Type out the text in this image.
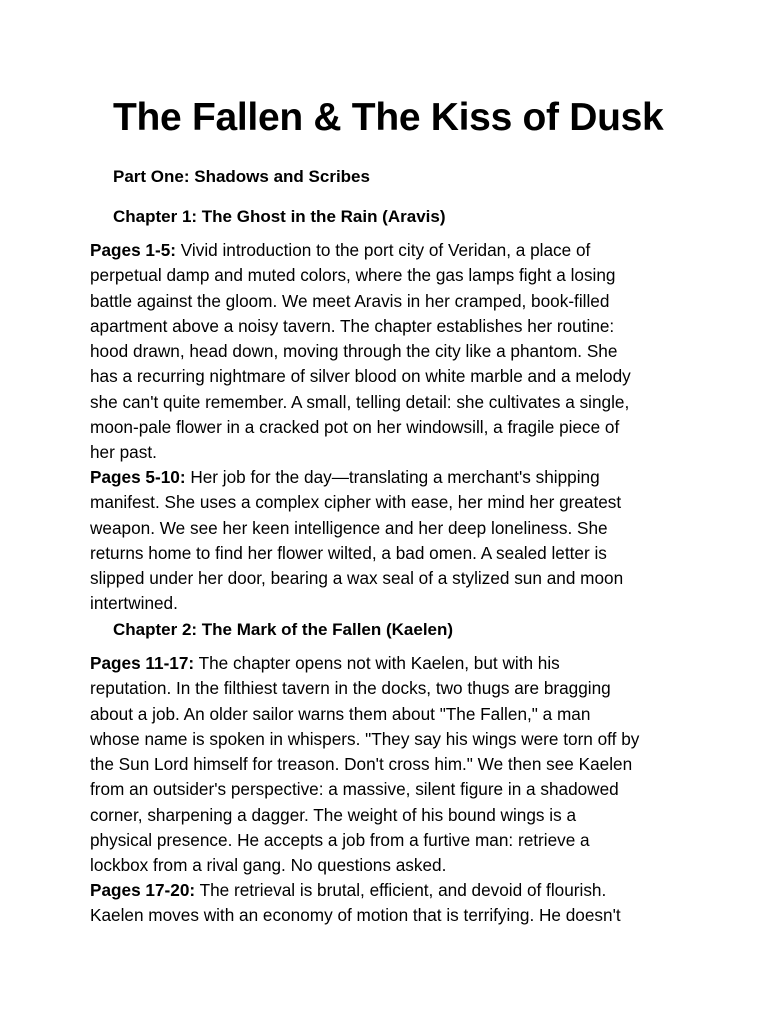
The Fallen & The Kiss of Dusk
Part One: Shadows and Scribes
Chapter 1: The Ghost in the Rain (Aravis)
Pages 1-5: Vivid introduction to the port city of Veridan, a place of
perpetual damp and muted colors, where the gas lamps fight a losing
battle against the gloom. We meet Aravis in her cramped, book-filled
apartment above a noisy tavern. The chapter establishes her routine:
hood drawn, head down, moving through the city like a phantom. She
has a recurring nightmare of silver blood on white marble and a melody
she can't quite remember. A small, telling detail: she cultivates a single,
moon-pale flower in a cracked pot on her windowsill, a fragile piece of
her past.
Pages 5-10: Her job for the day—translating a merchant's shipping
manifest. She uses a complex cipher with ease, her mind her greatest
weapon. We see her keen intelligence and her deep loneliness. She
returns home to find her flower wilted, a bad omen. A sealed letter is
slipped under her door, bearing a wax seal of a stylized sun and moon
intertwined.
Chapter 2: The Mark of the Fallen (Kaelen)
Pages 11-17: The chapter opens not with Kaelen, but with his
reputation. In the filthiest tavern in the docks, two thugs are bragging
about a job. An older sailor warns them about "The Fallen," a man
whose name is spoken in whispers. "They say his wings were torn off by
the Sun Lord himself for treason. Don't cross him." We then see Kaelen
from an outsider's perspective: a massive, silent figure in a shadowed
corner, sharpening a dagger. The weight of his bound wings is a
physical presence. He accepts a job from a furtive man: retrieve a
lockbox from a rival gang. No questions asked.
Pages 17-20: The retrieval is brutal, efficient, and devoid of flourish.
Kaelen moves with an economy of motion that is terrifying. He doesn't
